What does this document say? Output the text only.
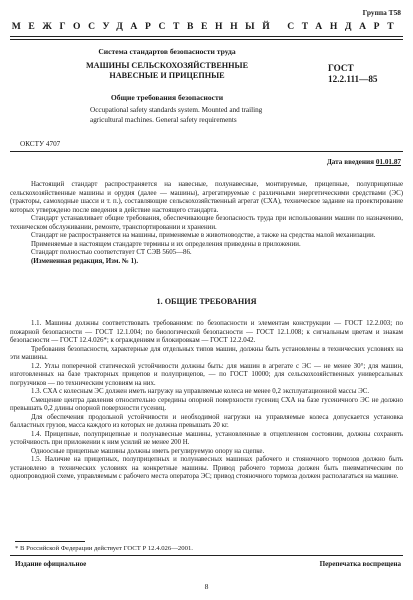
Группа Т58
МЕЖГОСУДАРСТВЕННЫЙ СТАНДАРТ
Система стандартов безопасности труда
МАШИНЫ СЕЛЬСКОХОЗЯЙСТВЕННЫЕ
НАВЕСНЫЕ И ПРИЦЕПНЫЕ
ГОСТ
12.2.111—85
Общие требования безопасности
Occupational safety standards system. Mounted and trailing
agricultural machines. General safety requirements
ОКСТУ 4707
Дата введения 01.01.87

Настоящий стандарт распространяется на навесные, полунавесные, монтируемые, прицепные, полуприцепные сельскохозяйственные машины и орудия (далее — машины), агрегатируемые с различными энергетическими средствами (ЭС) (тракторы, самоходные шасси и т. п.), составляющие сельскохозяйственный агрегат (СХА), техническое задание на проектирование которых утверждено после введения в действие настоящего стандарта.

Стандарт устанавливает общие требования, обеспечивающие безопасность труда при использовании машин по назначению, техническом обслуживании, ремонте, транспортировании и хранении.

Стандарт не распространяется на машины, применяемые в животноводстве, а также на средства малой механизации.

Применяемые в настоящем стандарте термины и их определения приведены в приложении.

Стандарт полностью соответствует СТ СЭВ 5605—86.

(Измененная редакция, Изм. № 1).

1. ОБЩИЕ ТРЕБОВАНИЯ

1.1. Машины должны соответствовать требованиям: по безопасности и элементам конструкции — ГОСТ 12.2.003; по пожарной безопасности — ГОСТ 12.1.004; по биологической безопасности — ГОСТ 12.1.008; к сигнальным цветам и знакам безопасности — ГОСТ 12.4.026*; к ограждениям и блокировкам — ГОСТ 12.2.042.

Требования безопасности, характерные для отдельных типов машин, должны быть установлены в технических условиях на эти машины.

1.2. Углы поперечной статической устойчивости должны быть: для машин в агрегате с ЭС — не менее 30°; для машин, изготовленных на базе тракторных прицепов и полуприцепов, — по ГОСТ 10000; для сельскохозяйственных универсальных погрузчиков — по техническим условиям на них.

1.3. СХА с колесным ЭС должен иметь нагрузку на управляемые колеса не менее 0,2 эксплуатационной массы ЭС.

Смещение центра давления относительно середины опорной поверхности гусениц СХА на базе гусеничного ЭС не должно превышать 0,2 длины опорной поверхности гусениц.

Для обеспечения продольной устойчивости и необходимой нагрузки на управляемые колеса допускается установка балластных грузов, масса каждого из которых не должна превышать 20 кг.

1.4. Прицепные, полуприцепные и полунавесные машины, установленные в отцепленном состоянии, должны сохранять устойчивость при приложении к ним усилий не менее 200 Н.

Одноосные прицепные машины должны иметь регулируемую опору на сцепке.

1.5. Наличие на прицепных, полуприцепных и полунавесных машинах рабочего и стояночного тормозов должно быть установлено в технических условиях на конкретные машины. Привод рабочего тормоза должен быть пневматическим по однопроводной схеме, управляемым с рабочего места оператора ЭС; привод стояночного тормоза должен располагаться на машине.

* В Российской Федерации действует ГОСТ Р 12.4.026—2001.
Издание официальное	Перепечатка воспрещена
8
